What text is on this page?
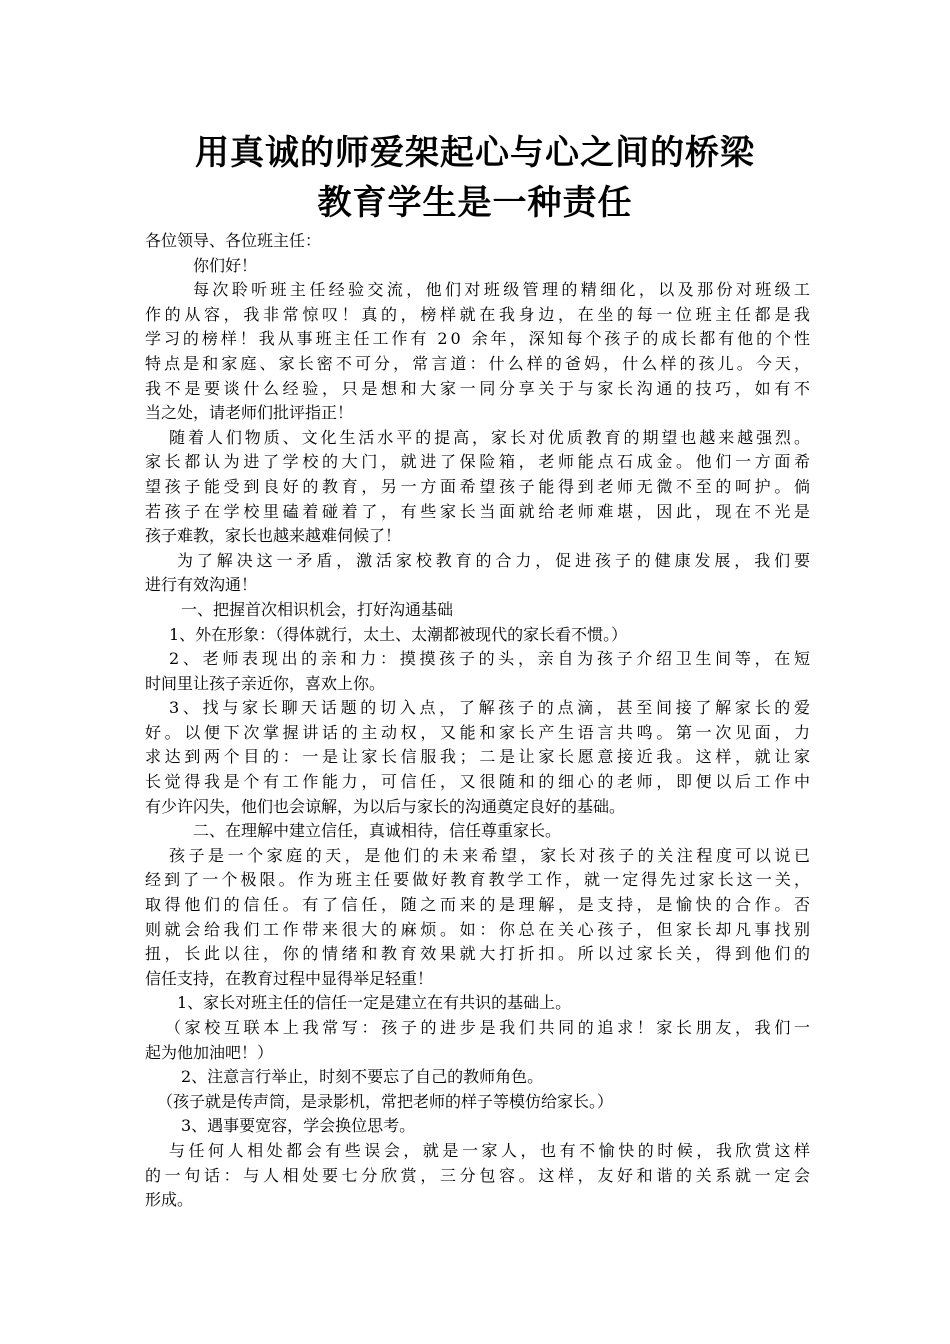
用真诚的师爱架起心与心之间的桥梁
教育学生是一种责任
各位领导、各位班主任：
你们好！
每次聆听班主任经验交流，他们对班级管理的精细化，以及那份对班级工
作的从容，我非常惊叹！真的，榜样就在我身边，在坐的每一位班主任都是我
学习的榜样！我从事班主任工作有 20 余年，深知每个孩子的成长都有他的个性
特点是和家庭、家长密不可分，常言道：什么样的爸妈，什么样的孩儿。今天，
我不是要谈什么经验，只是想和大家一同分享关于与家长沟通的技巧，如有不
当之处，请老师们批评指正！
随着人们物质、文化生活水平的提高，家长对优质教育的期望也越来越强烈。
家长都认为进了学校的大门，就进了保险箱，老师能点石成金。他们一方面希
望孩子能受到良好的教育，另一方面希望孩子能得到老师无微不至的呵护。倘
若孩子在学校里磕着碰着了，有些家长当面就给老师难堪，因此，现在不光是
孩子难教，家长也越来越难伺候了！
为了解决这一矛盾，激活家校教育的合力，促进孩子的健康发展，我们要
进行有效沟通！
一、把握首次相识机会，打好沟通基础
1、外在形象：（得体就行，太土、太潮都被现代的家长看不惯。）
2、老师表现出的亲和力：摸摸孩子的头，亲自为孩子介绍卫生间等，在短
时间里让孩子亲近你，喜欢上你。
3、找与家长聊天话题的切入点，了解孩子的点滴，甚至间接了解家长的爱
好。以便下次掌握讲话的主动权，又能和家长产生语言共鸣。第一次见面，力
求达到两个目的：一是让家长信服我；二是让家长愿意接近我。这样，就让家
长觉得我是个有工作能力，可信任，又很随和的细心的老师，即便以后工作中
有少许闪失，他们也会谅解，为以后与家长的沟通奠定良好的基础。
二、在理解中建立信任，真诚相待，信任尊重家长。
孩子是一个家庭的天，是他们的未来希望，家长对孩子的关注程度可以说已
经到了一个极限。作为班主任要做好教育教学工作，就一定得先过家长这一关，
取得他们的信任。有了信任，随之而来的是理解，是支持，是愉快的合作。否
则就会给我们工作带来很大的麻烦。如：你总在关心孩子，但家长却凡事找别
扭，长此以往，你的情绪和教育效果就大打折扣。所以过家长关，得到他们的
信任支持，在教育过程中显得举足轻重！
1、家长对班主任的信任一定是建立在有共识的基础上。
（家校互联本上我常写：孩子的进步是我们共同的追求！家长朋友，我们一
起为他加油吧！）
2、注意言行举止，时刻不要忘了自己的教师角色。
（孩子就是传声筒，是录影机，常把老师的样子等模仿给家长。）
3、遇事要宽容，学会换位思考。
与任何人相处都会有些误会，就是一家人，也有不愉快的时候，我欣赏这样
的一句话：与人相处要七分欣赏，三分包容。这样，友好和谐的关系就一定会
形成。
